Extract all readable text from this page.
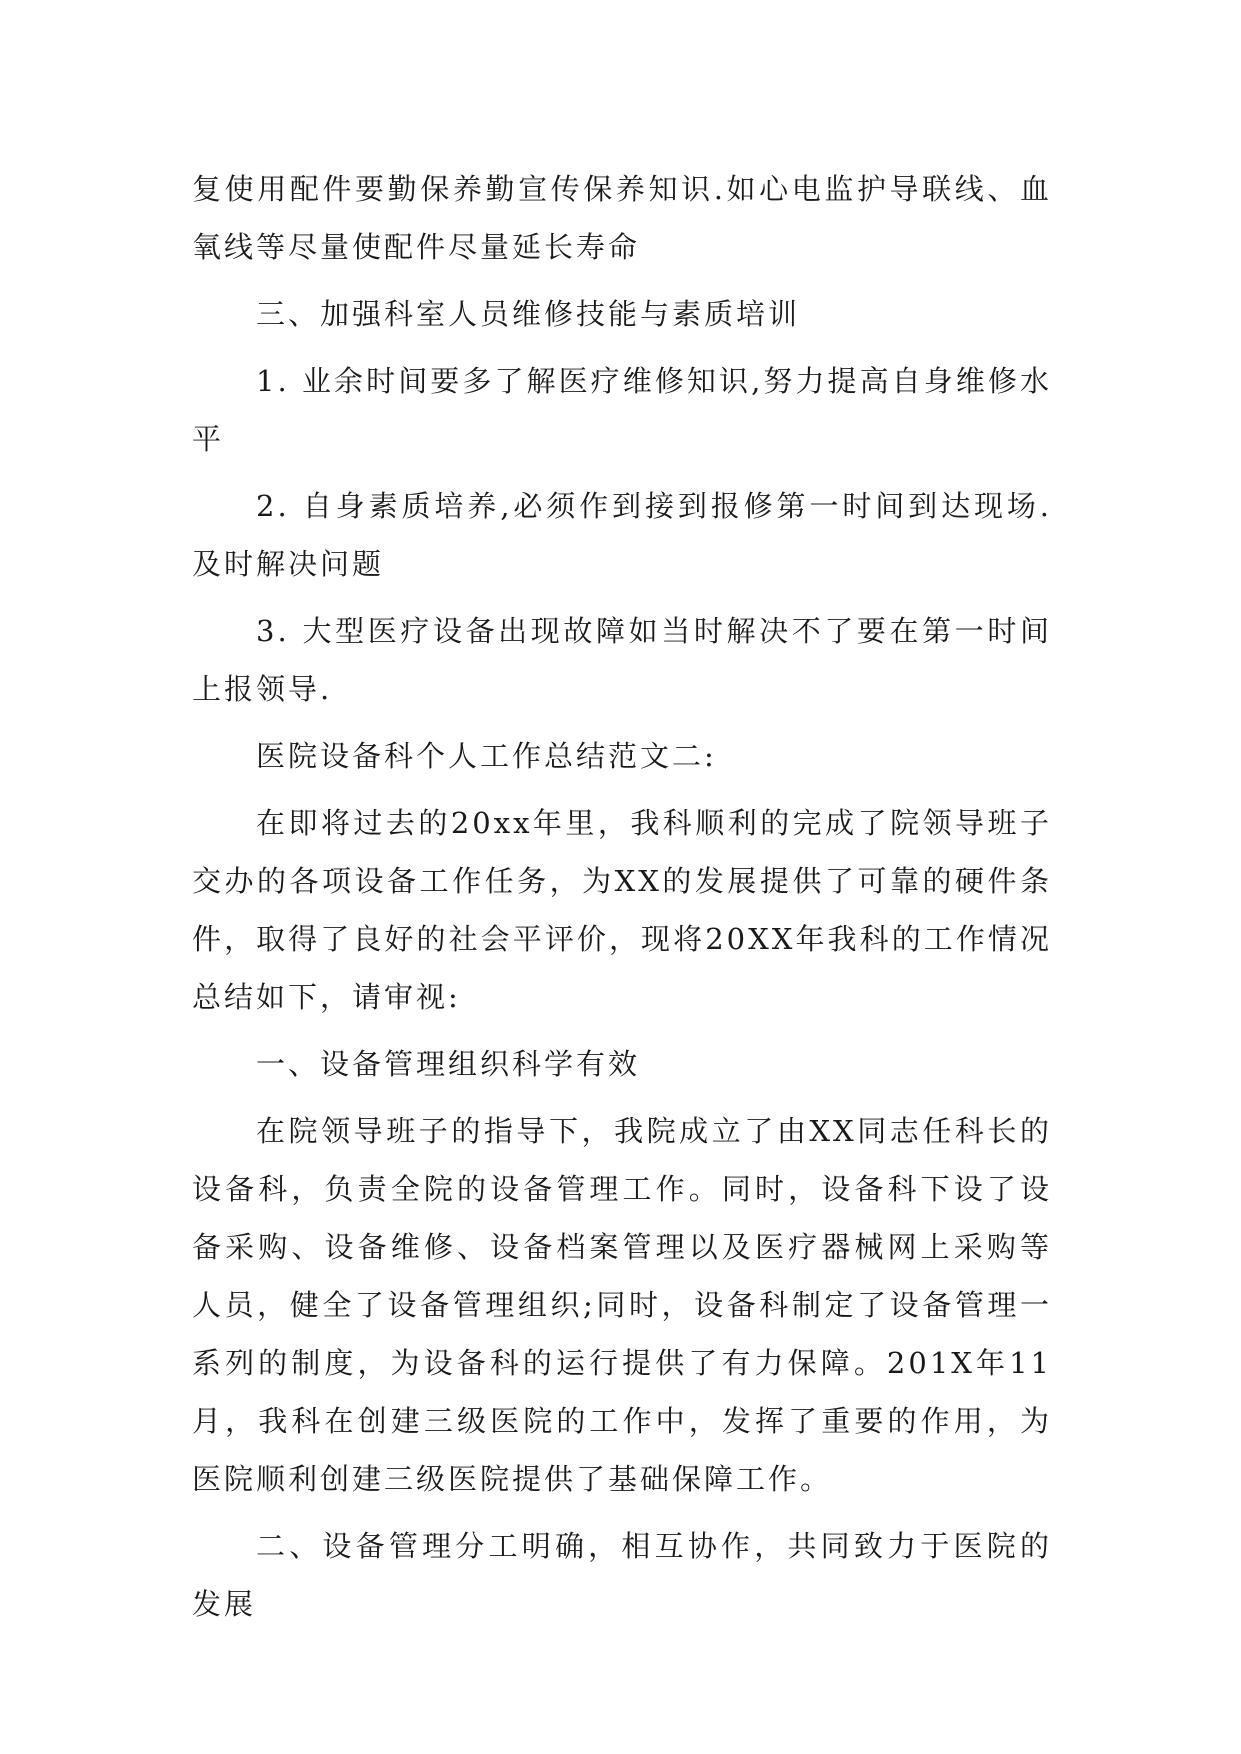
复使用配件要勤保养勤宣传保养知识.如心电监护导联线、血氧线等尽量使配件尽量延长寿命

三、加强科室人员维修技能与素质培训

1. 业余时间要多了解医疗维修知识,努力提高自身维修水平

2. 自身素质培养,必须作到接到报修第一时间到达现场.及时解决问题

3. 大型医疗设备出现故障如当时解决不了要在第一时间上报领导.

医院设备科个人工作总结范文二:

在即将过去的20xx年里，我科顺利的完成了院领导班子交办的各项设备工作任务，为XX的发展提供了可靠的硬件条件，取得了良好的社会平评价，现将20XX年我科的工作情况总结如下，请审视:

一、设备管理组织科学有效

在院领导班子的指导下，我院成立了由XX同志任科长的设备科，负责全院的设备管理工作。同时，设备科下设了设备采购、设备维修、设备档案管理以及医疗器械网上采购等人员，健全了设备管理组织;同时，设备科制定了设备管理一系列的制度，为设备科的运行提供了有力保障。201X年11月，我科在创建三级医院的工作中，发挥了重要的作用，为医院顺利创建三级医院提供了基础保障工作。

二、设备管理分工明确，相互协作，共同致力于医院的发展
